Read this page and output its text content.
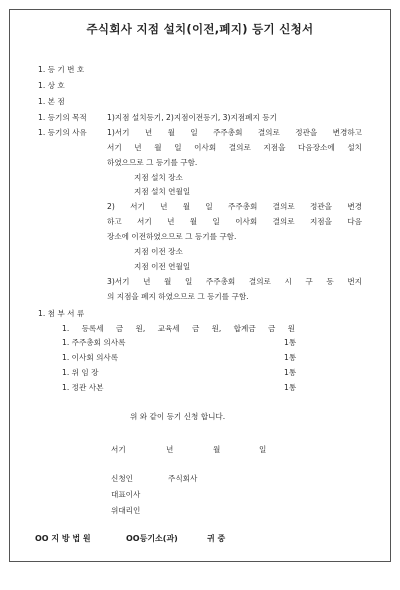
주식회사 지점 설치(이전,폐지) 등기 신청서
1. 등 기 번 호
1. 상 호
1. 본 점
1. 등기의 목적	1)지점 설치등기, 2)지점이전등기, 3)지점폐지 등기
1. 등기의 사유	1)서기 년 월 일 주주총회 결의로 정관을 변경하고
서기 년 월 일 이사회 결의로 지점을 다음장소에 설치
하였으므로 그 등기를 구함.
지점 설치 장소
지점 설치 연월일
2) 서기 년 월 일 주주총회 결의로 정관을 변경
하고 서기 년 월 일 이사회 결의로 지점을 다음
장소에 이전하였으므로 그 등기를 구함.
지점 이전 장소
지점 이전 연월일
3)서기 년 월 일 주주총회 결의로 시 구 동 번지
의 지점을 폐지 하였으므로 그 등기를 구함.
1. 첨 부 서 류
1. 등록세 금 원, 교육세 금 원, 합계금 금 원
1. 주주총회 의사록	1통
1. 이사회 의사록	1통
1. 위 임 장	1통
1. 정관 사본	1통
위 와 같이 등기 신청 합니다.
서기	년	월	일
신청인	주식회사
대표이사
위대리인
OO 지 방 법 원	OO등기소(과)	귀 중
